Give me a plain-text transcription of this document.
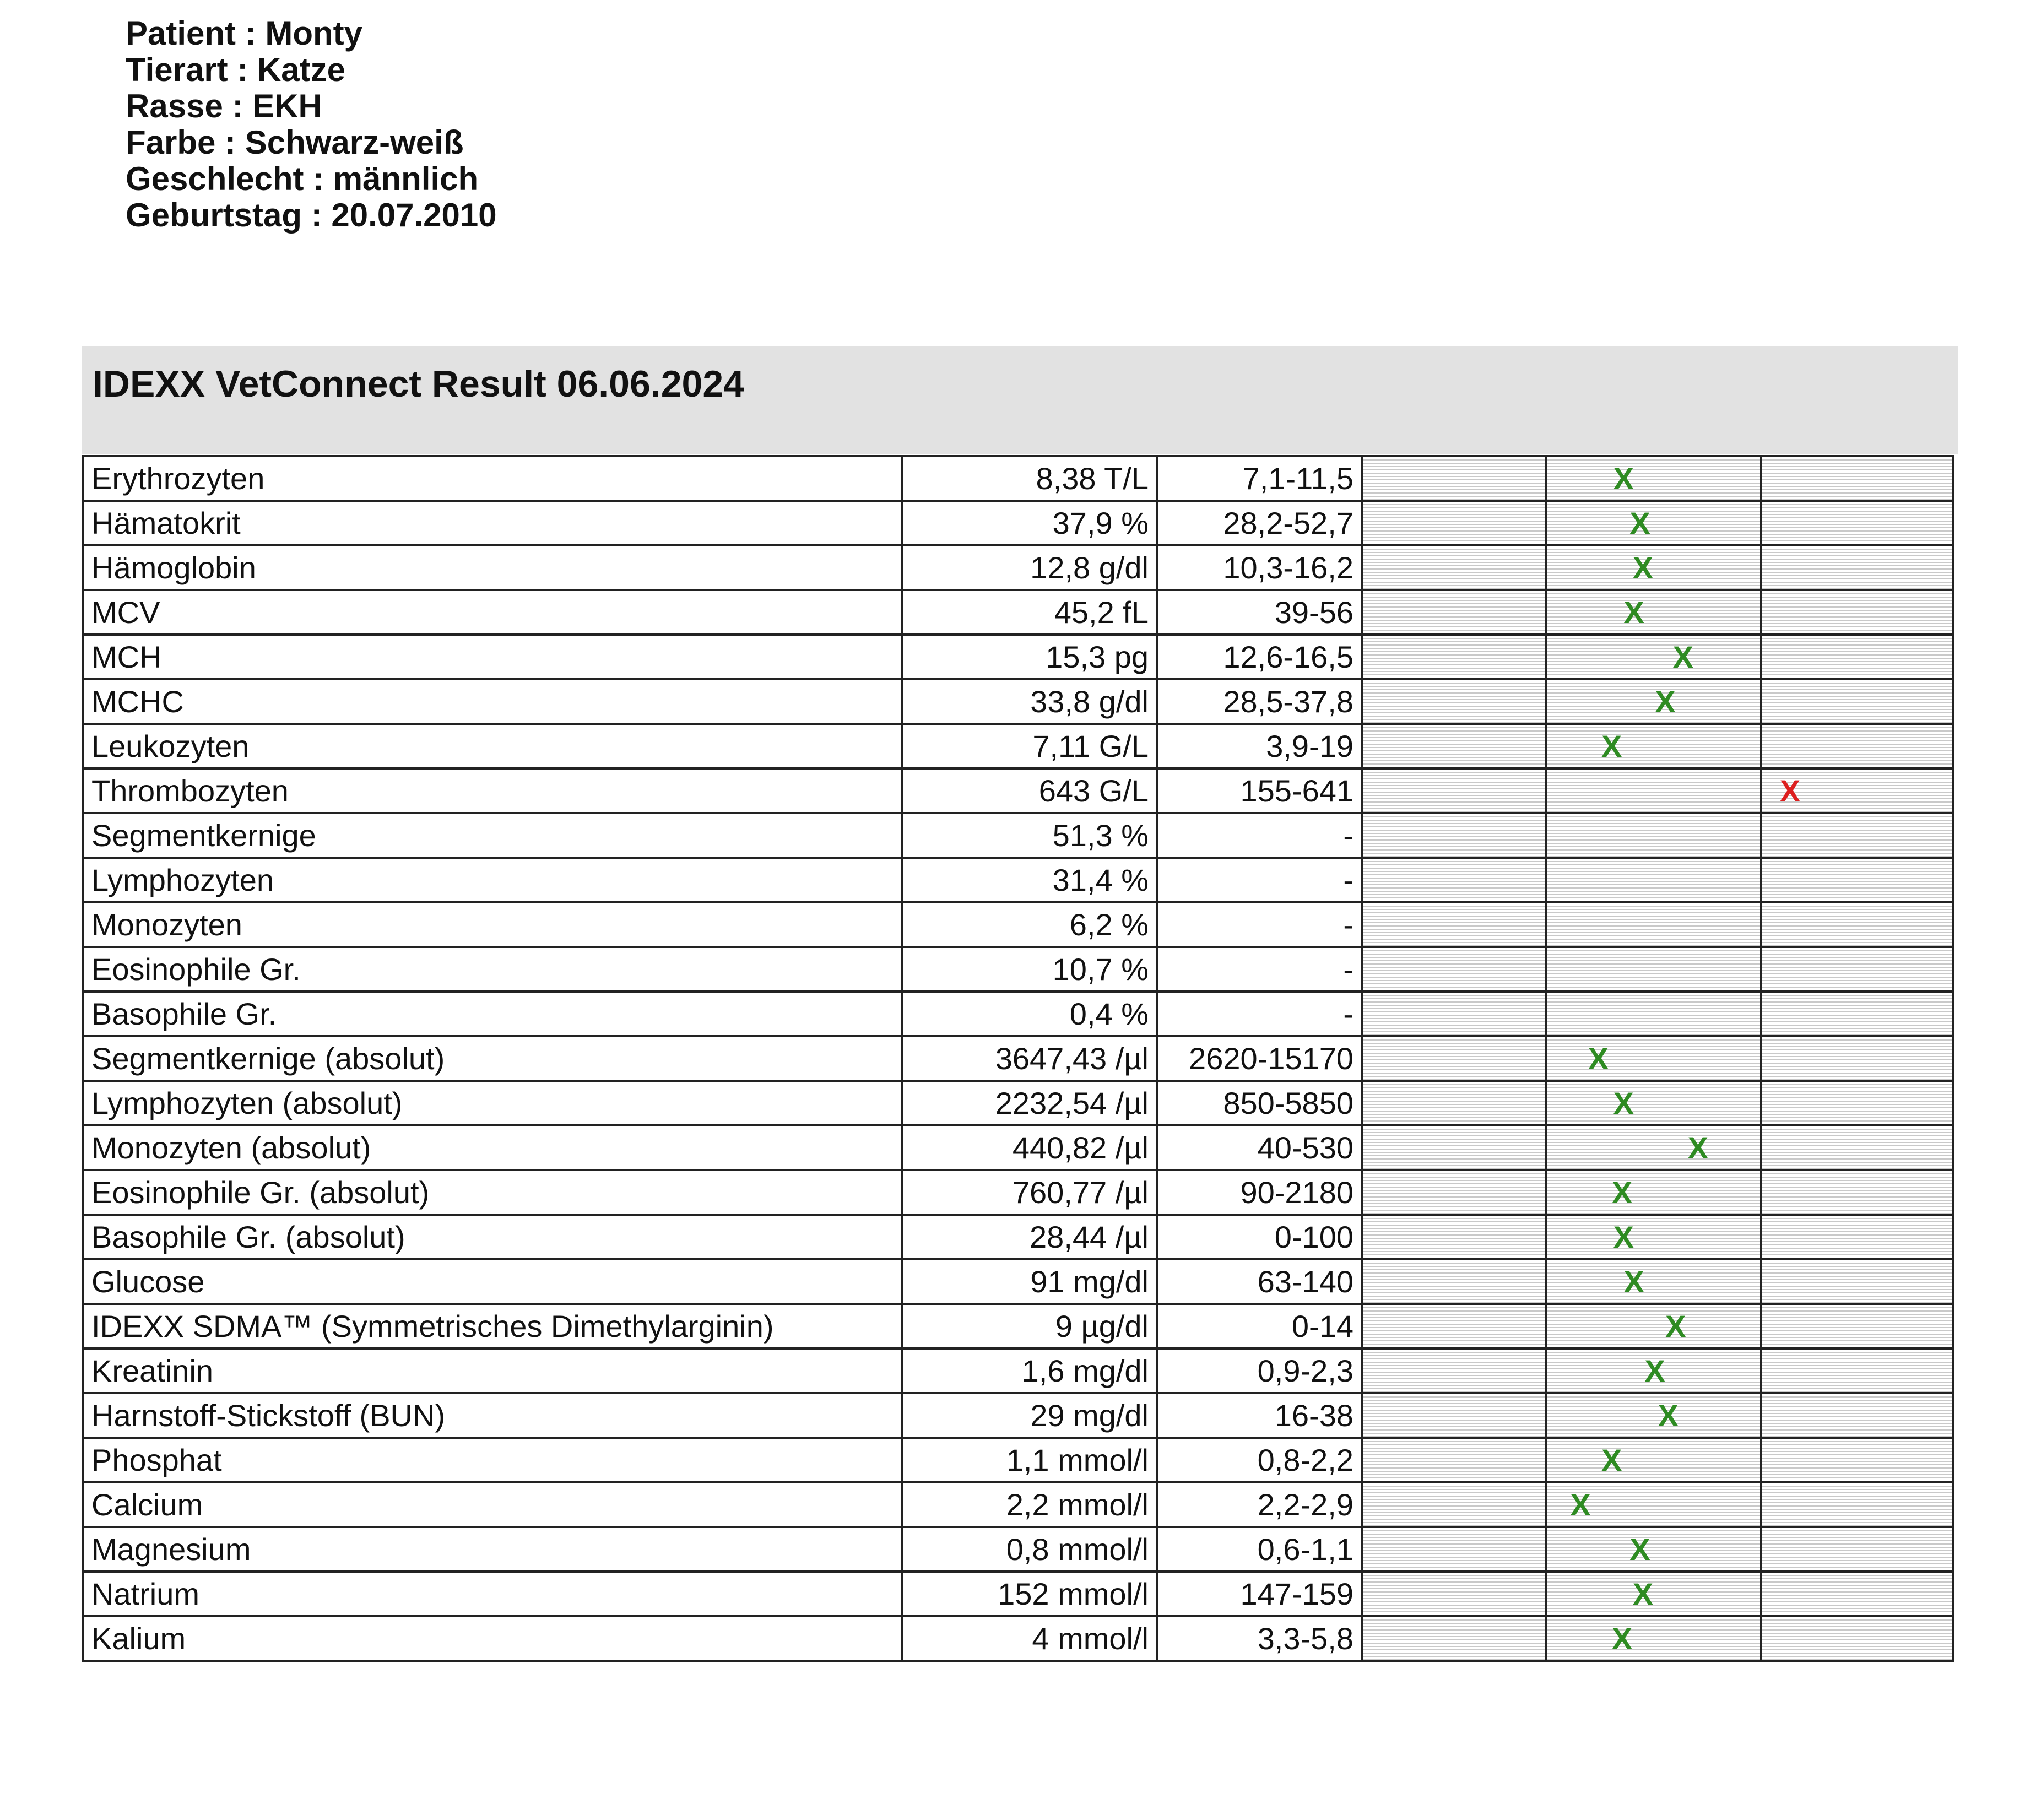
Patient : Monty
Tierart : Katze
Rasse : EKH
Farbe : Schwarz-weiß
Geschlecht : männlich
Geburtstag : 20.07.2010
IDEXX VetConnect Result 06.06.2024
Erythrozyten	8,38 T/L	7,1-11,5		X	

Hämatokrit	37,9 %	28,2-52,7		X	

Hämoglobin	12,8 g/dl	10,3-16,2		X	

MCV	45,2 fL	39-56		X	

MCH	15,3 pg	12,6-16,5		X	

MCHC	33,8 g/dl	28,5-37,8		X	

Leukozyten	7,11 G/L	3,9-19		X	

Thrombozyten	643 G/L	155-641			X

Segmentkernige	51,3 %	-			
Lymphozyten	31,4 %	-			
Monozyten	6,2 %	-			
Eosinophile Gr.	10,7 %	-			
Basophile Gr.	0,4 %	-			
Segmentkernige (absolut)	3647,43 /µl	2620-15170		X	

Lymphozyten (absolut)	2232,54 /µl	850-5850		X	

Monozyten (absolut)	440,82 /µl	40-530		X	

Eosinophile Gr. (absolut)	760,77 /µl	90-2180		X	

Basophile Gr. (absolut)	28,44 /µl	0-100		X	

Glucose	91 mg/dl	63-140		X	

IDEXX SDMA™ (Symmetrisches Dimethylarginin)	9 µg/dl	0-14		X	

Kreatinin	1,6 mg/dl	0,9-2,3		X	

Harnstoff-Stickstoff (BUN)	29 mg/dl	16-38		X	

Phosphat	1,1 mmol/l	0,8-2,2		X	

Calcium	2,2 mmol/l	2,2-2,9		X	

Magnesium	0,8 mmol/l	0,6-1,1		X	

Natrium	152 mmol/l	147-159		X	

Kalium	4 mmol/l	3,3-5,8		X	
